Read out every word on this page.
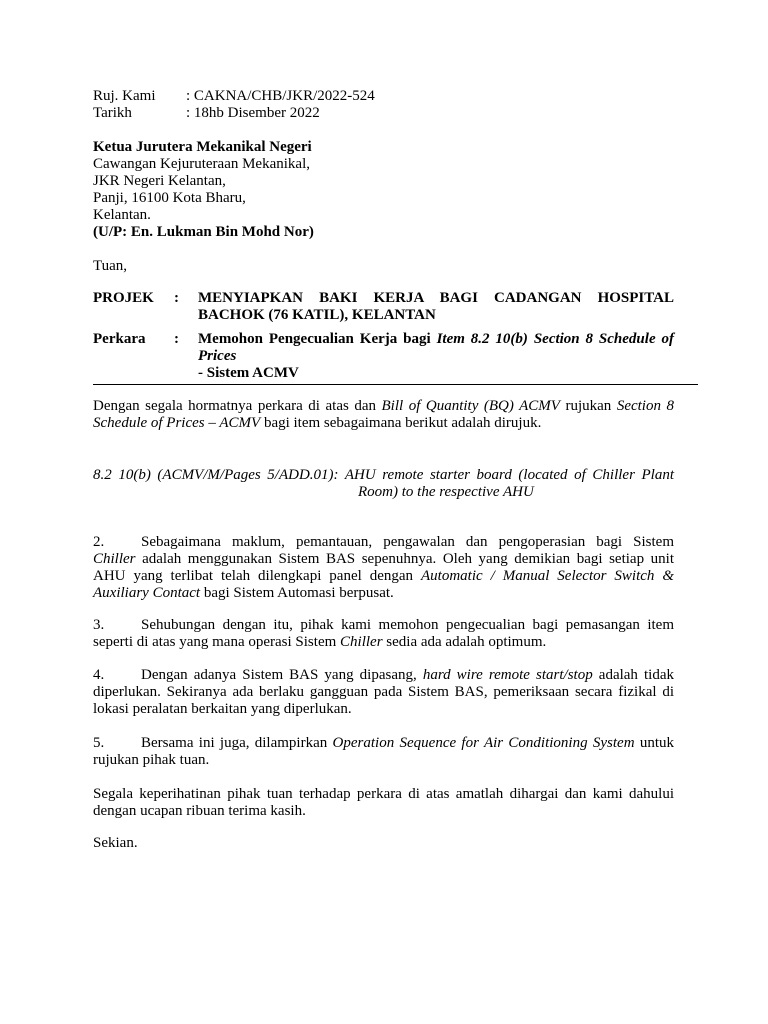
Ruj. Kami : CAKNA/CHB/JKR/2022-524
Tarikh	: 18hb Disember 2022
Ketua Jurutera Mekanikal Negeri
Cawangan Kejuruteraan Mekanikal,
JKR Negeri Kelantan,
Panji, 16100 Kota Bharu,
Kelantan.
(U/P: En. Lukman Bin Mohd Nor)
Tuan,
PROJEK : MENYIAPKAN BAKI KERJA BAGI CADANGAN HOSPITAL
BACHOK (76 KATIL), KELANTAN
Perkara : Memohon Pengecualian Kerja bagi Item 8.2 10(b) Section 8 Schedule of
Prices
- Sistem ACMV
Dengan segala hormatnya perkara di atas dan Bill of Quantity (BQ) ACMV rujukan Section 8
Schedule of Prices – ACMV bagi item sebagaimana berikut adalah dirujuk.
8.2 10(b) (ACMV/M/Pages 5/ADD.01): AHU remote starter board (located of Chiller Plant
Room) to the respective AHU
2. Sebagaimana maklum, pemantauan, pengawalan dan pengoperasian bagi Sistem
Chiller adalah menggunakan Sistem BAS sepenuhnya. Oleh yang demikian bagi setiap unit
AHU yang terlibat telah dilengkapi panel dengan Automatic / Manual Selector Switch &
Auxiliary Contact bagi Sistem Automasi berpusat.
3. Sehubungan dengan itu, pihak kami memohon pengecualian bagi pemasangan item
seperti di atas yang mana operasi Sistem Chiller sedia ada adalah optimum.
4. Dengan adanya Sistem BAS yang dipasang, hard wire remote start/stop adalah tidak
diperlukan. Sekiranya ada berlaku gangguan pada Sistem BAS, pemeriksaan secara fizikal di
lokasi peralatan berkaitan yang diperlukan.
5. Bersama ini juga, dilampirkan Operation Sequence for Air Conditioning System untuk
rujukan pihak tuan.
Segala keperihatinan pihak tuan terhadap perkara di atas amatlah dihargai dan kami dahului
dengan ucapan ribuan terima kasih.
Sekian.
